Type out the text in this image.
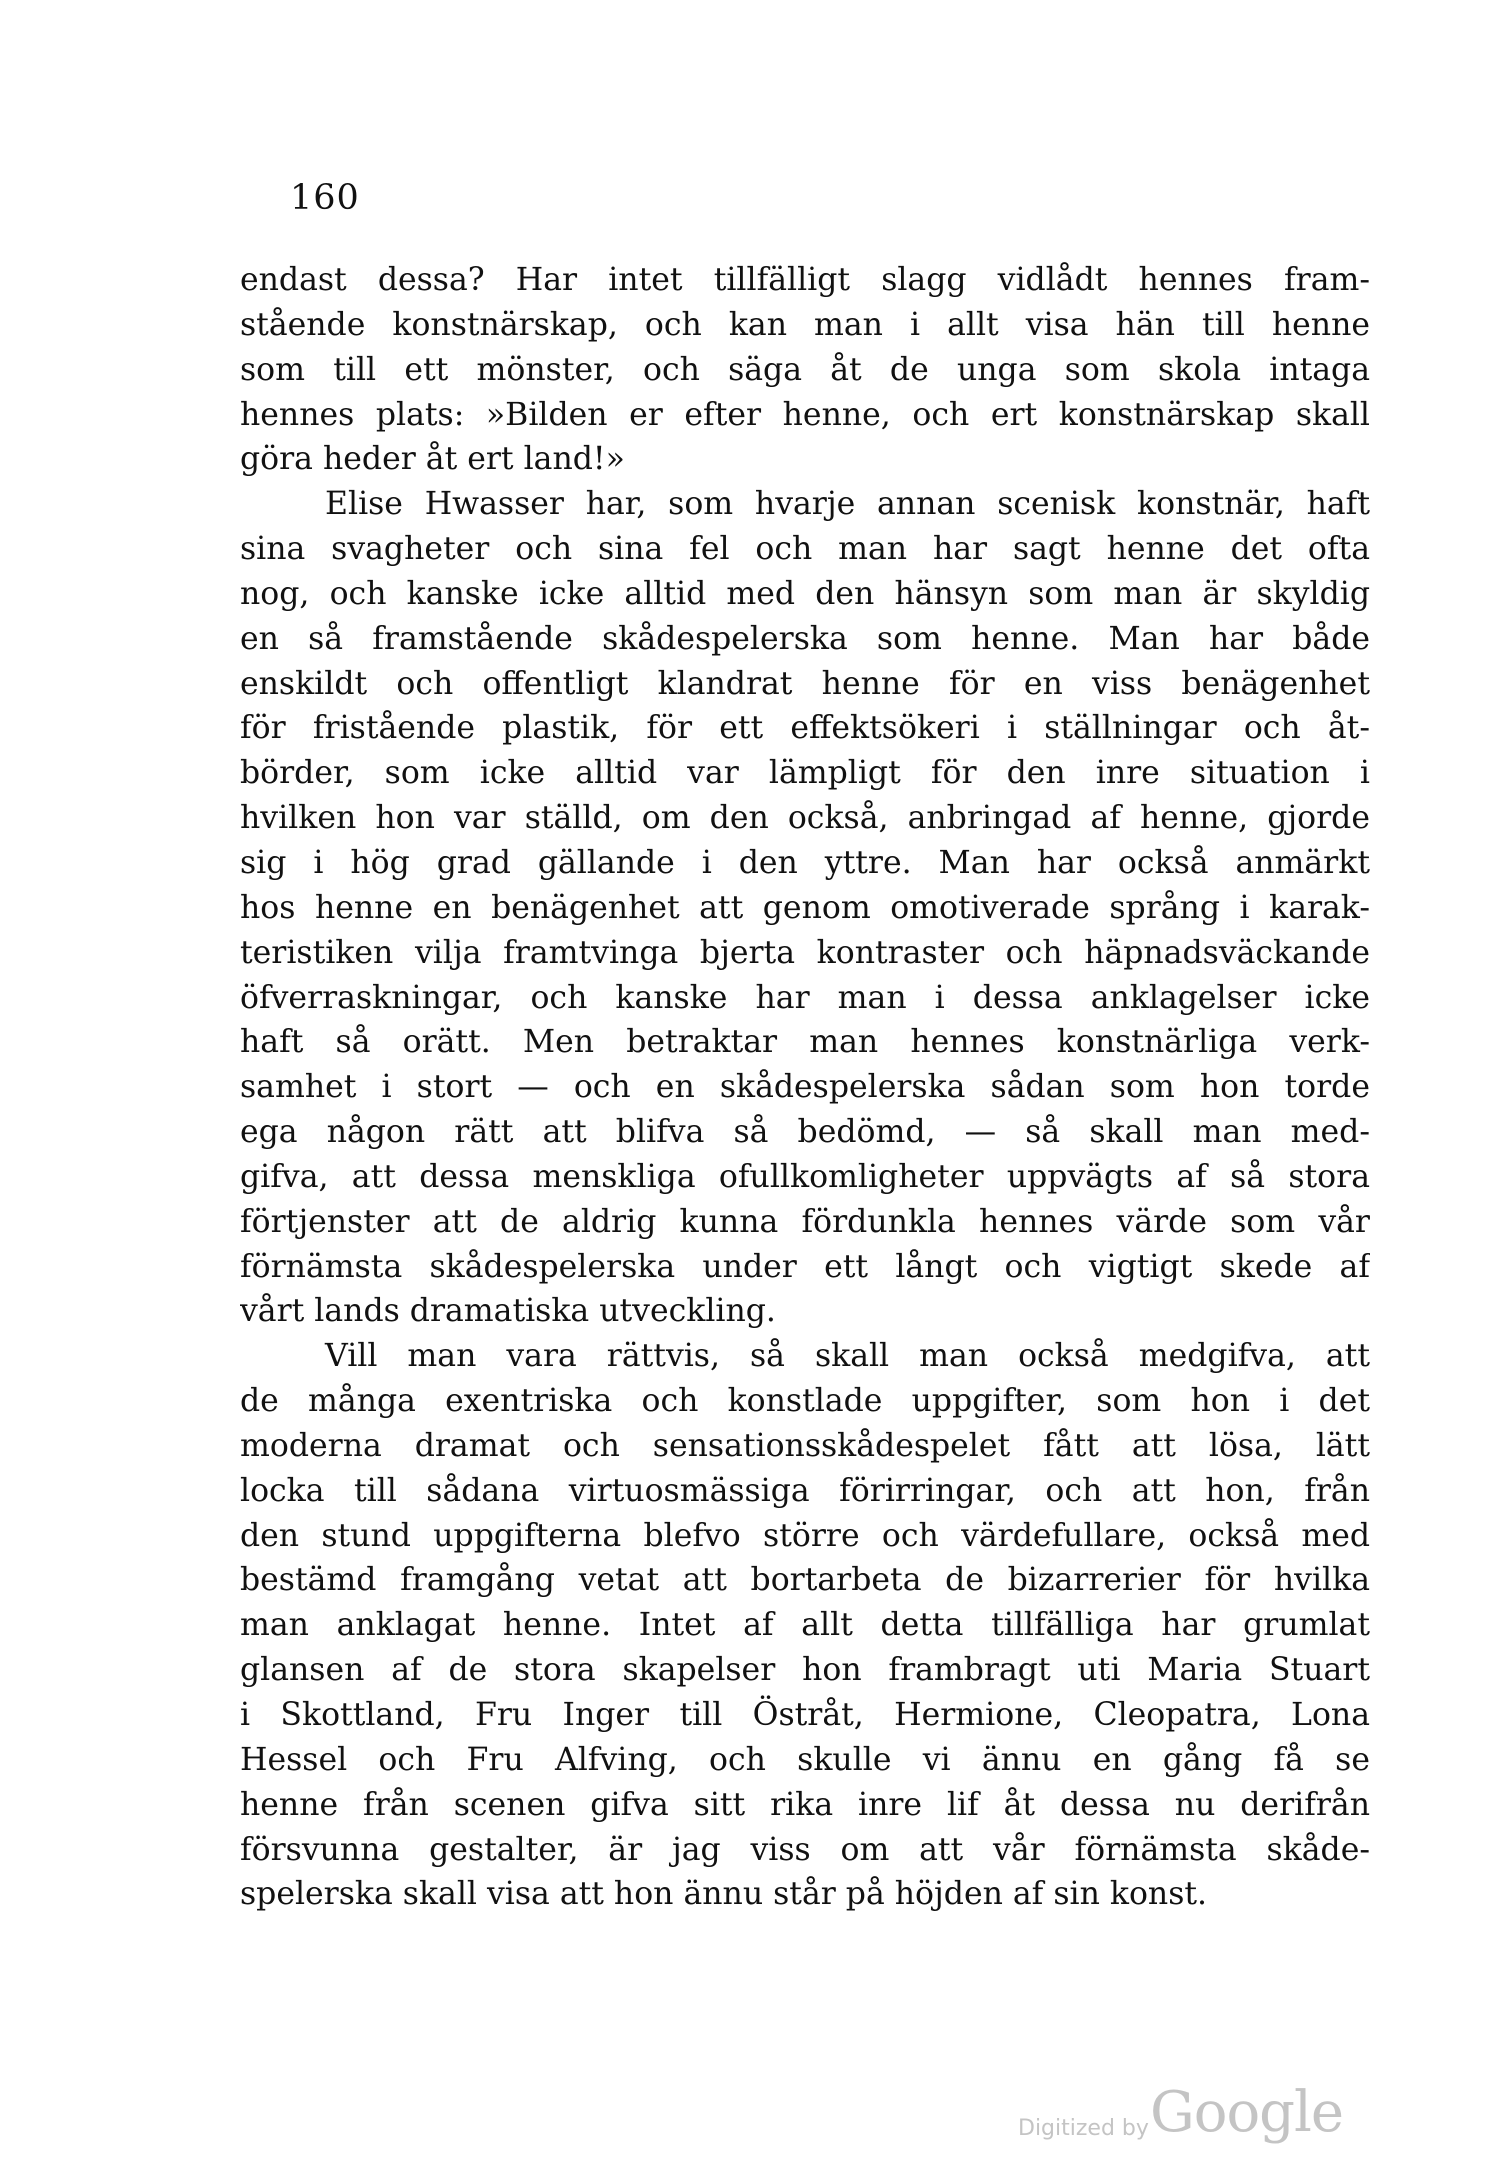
160
endast dessa? Har intet tillfälligt slagg vidlådt hennes fram-
stående konstnärskap, och kan man i allt visa hän till henne
som till ett mönster, och säga åt de unga som skola intaga
hennes plats: »Bilden er efter henne, och ert konstnärskap skall
göra heder åt ert land!»
Elise Hwasser har, som hvarje annan scenisk konstnär, haft
sina svagheter och sina fel och man har sagt henne det ofta
nog, och kanske icke alltid med den hänsyn som man är skyldig
en så framstående skådespelerska som henne. Man har både
enskildt och offentligt klandrat henne för en viss benägenhet
för fristående plastik, för ett effektsökeri i ställningar och åt-
börder, som icke alltid var lämpligt för den inre situation i
hvilken hon var ställd, om den också, anbringad af henne, gjorde
sig i hög grad gällande i den yttre. Man har också anmärkt
hos henne en benägenhet att genom omotiverade språng i karak-
teristiken vilja framtvinga bjerta kontraster och häpnadsväckande
öfverraskningar, och kanske har man i dessa anklagelser icke
haft så orätt. Men betraktar man hennes konstnärliga verk-
samhet i stort — och en skådespelerska sådan som hon torde
ega någon rätt att blifva så bedömd, — så skall man med-
gifva, att dessa menskliga ofullkomligheter uppvägts af så stora
förtjenster att de aldrig kunna fördunkla hennes värde som vår
förnämsta skådespelerska under ett långt och vigtigt skede af
vårt lands dramatiska utveckling.
Vill man vara rättvis, så skall man också medgifva, att
de många exentriska och konstlade uppgifter, som hon i det
moderna dramat och sensationsskådespelet fått att lösa, lätt
locka till sådana virtuosmässiga förirringar, och att hon, från
den stund uppgifterna blefvo större och värdefullare, också med
bestämd framgång vetat att bortarbeta de bizarrerier för hvilka
man anklagat henne. Intet af allt detta tillfälliga har grumlat
glansen af de stora skapelser hon frambragt uti Maria Stuart
i Skottland, Fru Inger till Östråt, Hermione, Cleopatra, Lona
Hessel och Fru Alfving, och skulle vi ännu en gång få se
henne från scenen gifva sitt rika inre lif åt dessa nu derifrån
försvunna gestalter, är jag viss om att vår förnämsta skåde-
spelerska skall visa att hon ännu står på höjden af sin konst.
Digitized by Google
